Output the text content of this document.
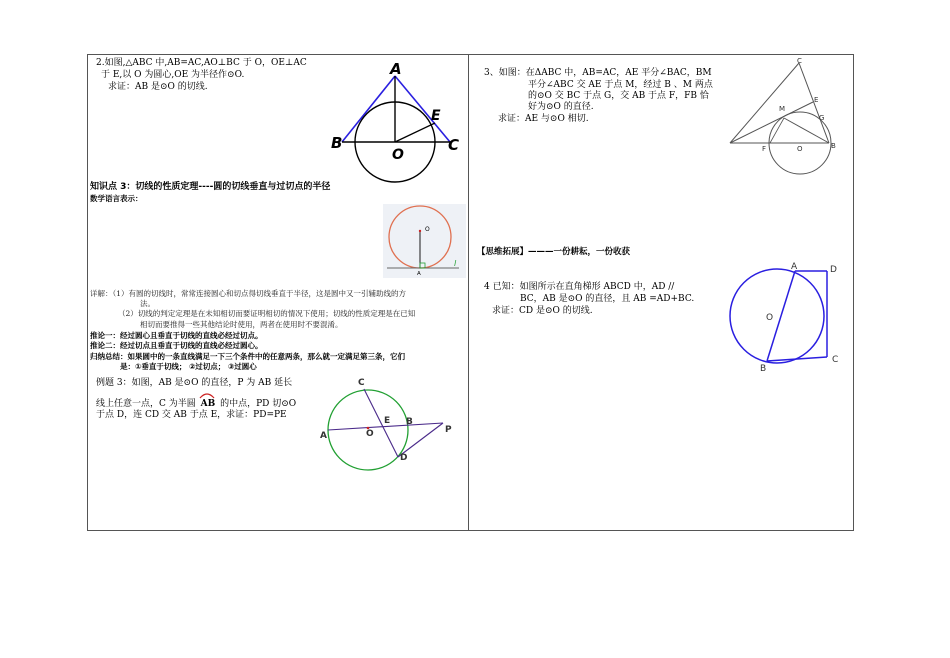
2.如图,△ABC 中,AB=AC,AO⊥BC 于 O，OE⊥AC
于 E,以 O 为圆心,OE 为半径作⊙O.
求证：AB 是⊙O 的切线.
A
B	C
E
O
知识点 3：切线的性质定理----圆的切线垂直与过切点的半径
数学语言表示：
O
A
l
详解：（1）有圆的切线时，常常连接圆心和切点得切线垂直于半径，这是圆中又一引辅助线的方
法。
（2）切线的判定定理是在未知相切而要证明相切的情况下使用；切线的性质定理是在已知
相切而要推得一些其他结论时使用，两者在使用时不要混淆。
推论一：经过圆心且垂直于切线的直线必经过切点。
推论二：经过切点且垂直于切线的直线必经过圆心。
归纳总结：如果圆中的一条直线满足一下三个条件中的任意两条，那么就一定满足第三条，它们
是：①垂直于切线； ②过切点； ③过圆心
例题 3：如图，AB 是⊙O 的直径，P 为 AB 延长
线上任意一点，C 为半圆 AB 的中点，PD 切⊙O
于点 D，连 CD 交 AB 于点 E，求证：PD=PE
C
A	O
E B
P
D
3、如图：在ΔABC 中，AB=AC，AE 平分∠BAC，BM
平分∠ABC 交 AE 于点 M，经过 B 、M 两点
的⊙O 交 BC 于点 G，交 AB 于点 F，FB 恰
好为⊙O 的直径.
求证：AE 与⊙O 相切.
C
M
E
G
F	O	B
【思维拓展】———一份耕耘，一份收获
4 已知：如图所示在直角梯形 ABCD 中，AD //
BC，AB 是⊙O 的直径，且 AB =AD+BC.
求证：CD 是⊙O 的切线.
A	D
O
C
B
